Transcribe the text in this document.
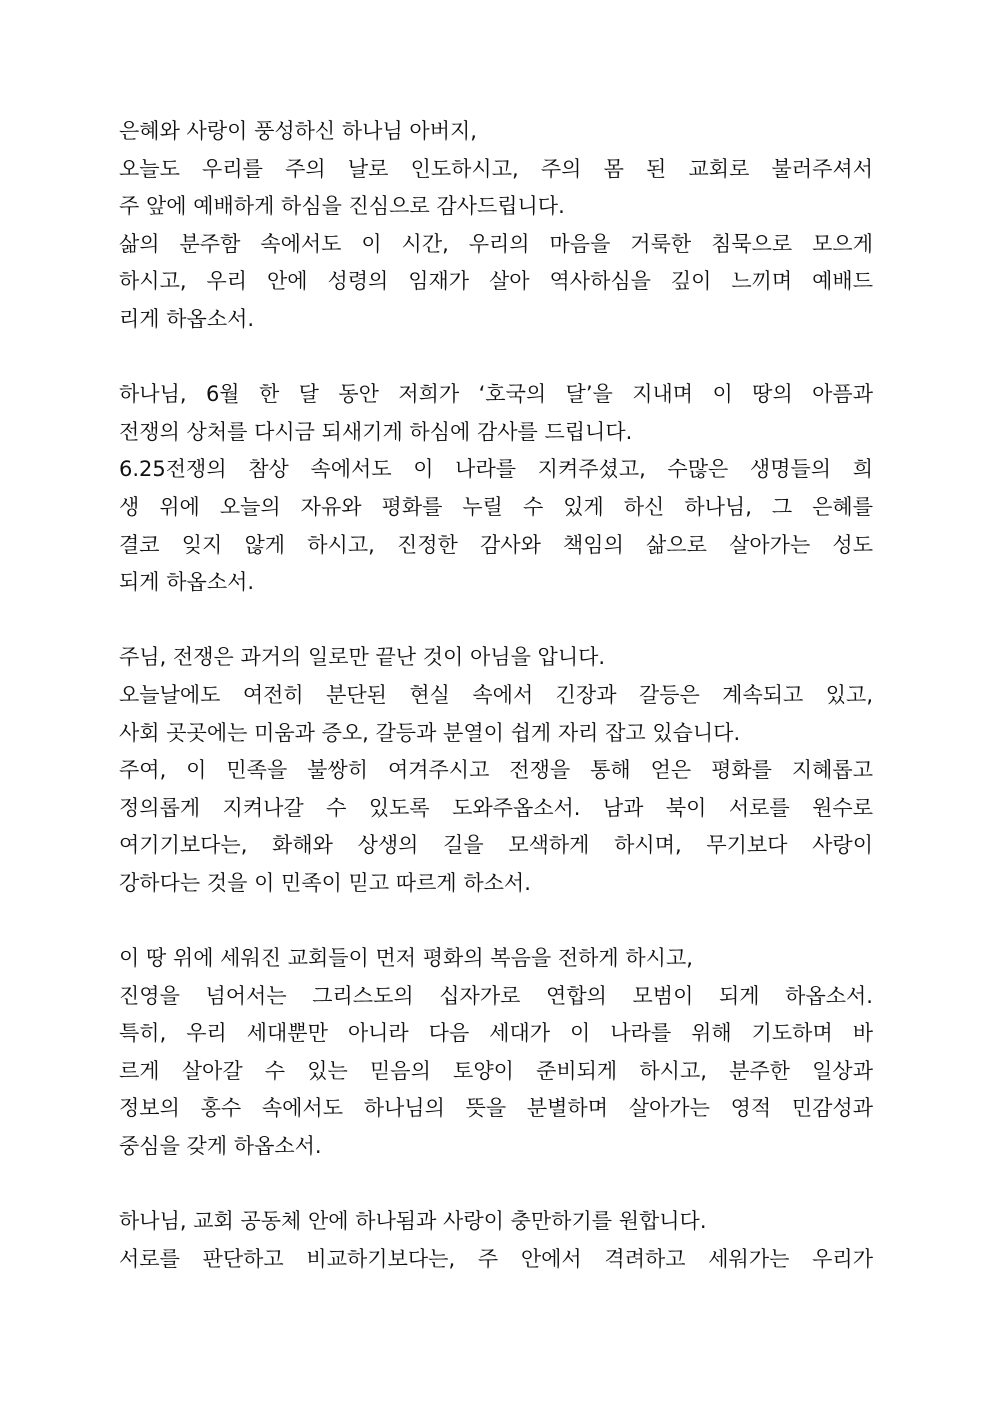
은혜와 사랑이 풍성하신 하나님 아버지,
오늘도 우리를 주의 날로 인도하시고, 주의 몸 된 교회로 불러주셔서
주 앞에 예배하게 하심을 진심으로 감사드립니다.
삶의 분주함 속에서도 이 시간, 우리의 마음을 거룩한 침묵으로 모으게
하시고, 우리 안에 성령의 임재가 살아 역사하심을 깊이 느끼며 예배드
리게 하옵소서.
하나님, 6월 한 달 동안 저희가 ‘호국의 달’을 지내며 이 땅의 아픔과
전쟁의 상처를 다시금 되새기게 하심에 감사를 드립니다.
6.25전쟁의 참상 속에서도 이 나라를 지켜주셨고, 수많은 생명들의 희
생 위에 오늘의 자유와 평화를 누릴 수 있게 하신 하나님, 그 은혜를
결코 잊지 않게 하시고, 진정한 감사와 책임의 삶으로 살아가는 성도
되게 하옵소서.
주님, 전쟁은 과거의 일로만 끝난 것이 아님을 압니다.
오늘날에도 여전히 분단된 현실 속에서 긴장과 갈등은 계속되고 있고,
사회 곳곳에는 미움과 증오, 갈등과 분열이 쉽게 자리 잡고 있습니다.
주여, 이 민족을 불쌍히 여겨주시고 전쟁을 통해 얻은 평화를 지혜롭고
정의롭게 지켜나갈 수 있도록 도와주옵소서. 남과 북이 서로를 원수로
여기기보다는, 화해와 상생의 길을 모색하게 하시며, 무기보다 사랑이
강하다는 것을 이 민족이 믿고 따르게 하소서.
이 땅 위에 세워진 교회들이 먼저 평화의 복음을 전하게 하시고,
진영을 넘어서는 그리스도의 십자가로 연합의 모범이 되게 하옵소서.
특히, 우리 세대뿐만 아니라 다음 세대가 이 나라를 위해 기도하며 바
르게 살아갈 수 있는 믿음의 토양이 준비되게 하시고, 분주한 일상과
정보의 홍수 속에서도 하나님의 뜻을 분별하며 살아가는 영적 민감성과
중심을 갖게 하옵소서.
하나님, 교회 공동체 안에 하나됨과 사랑이 충만하기를 원합니다.
서로를 판단하고 비교하기보다는, 주 안에서 격려하고 세워가는 우리가
